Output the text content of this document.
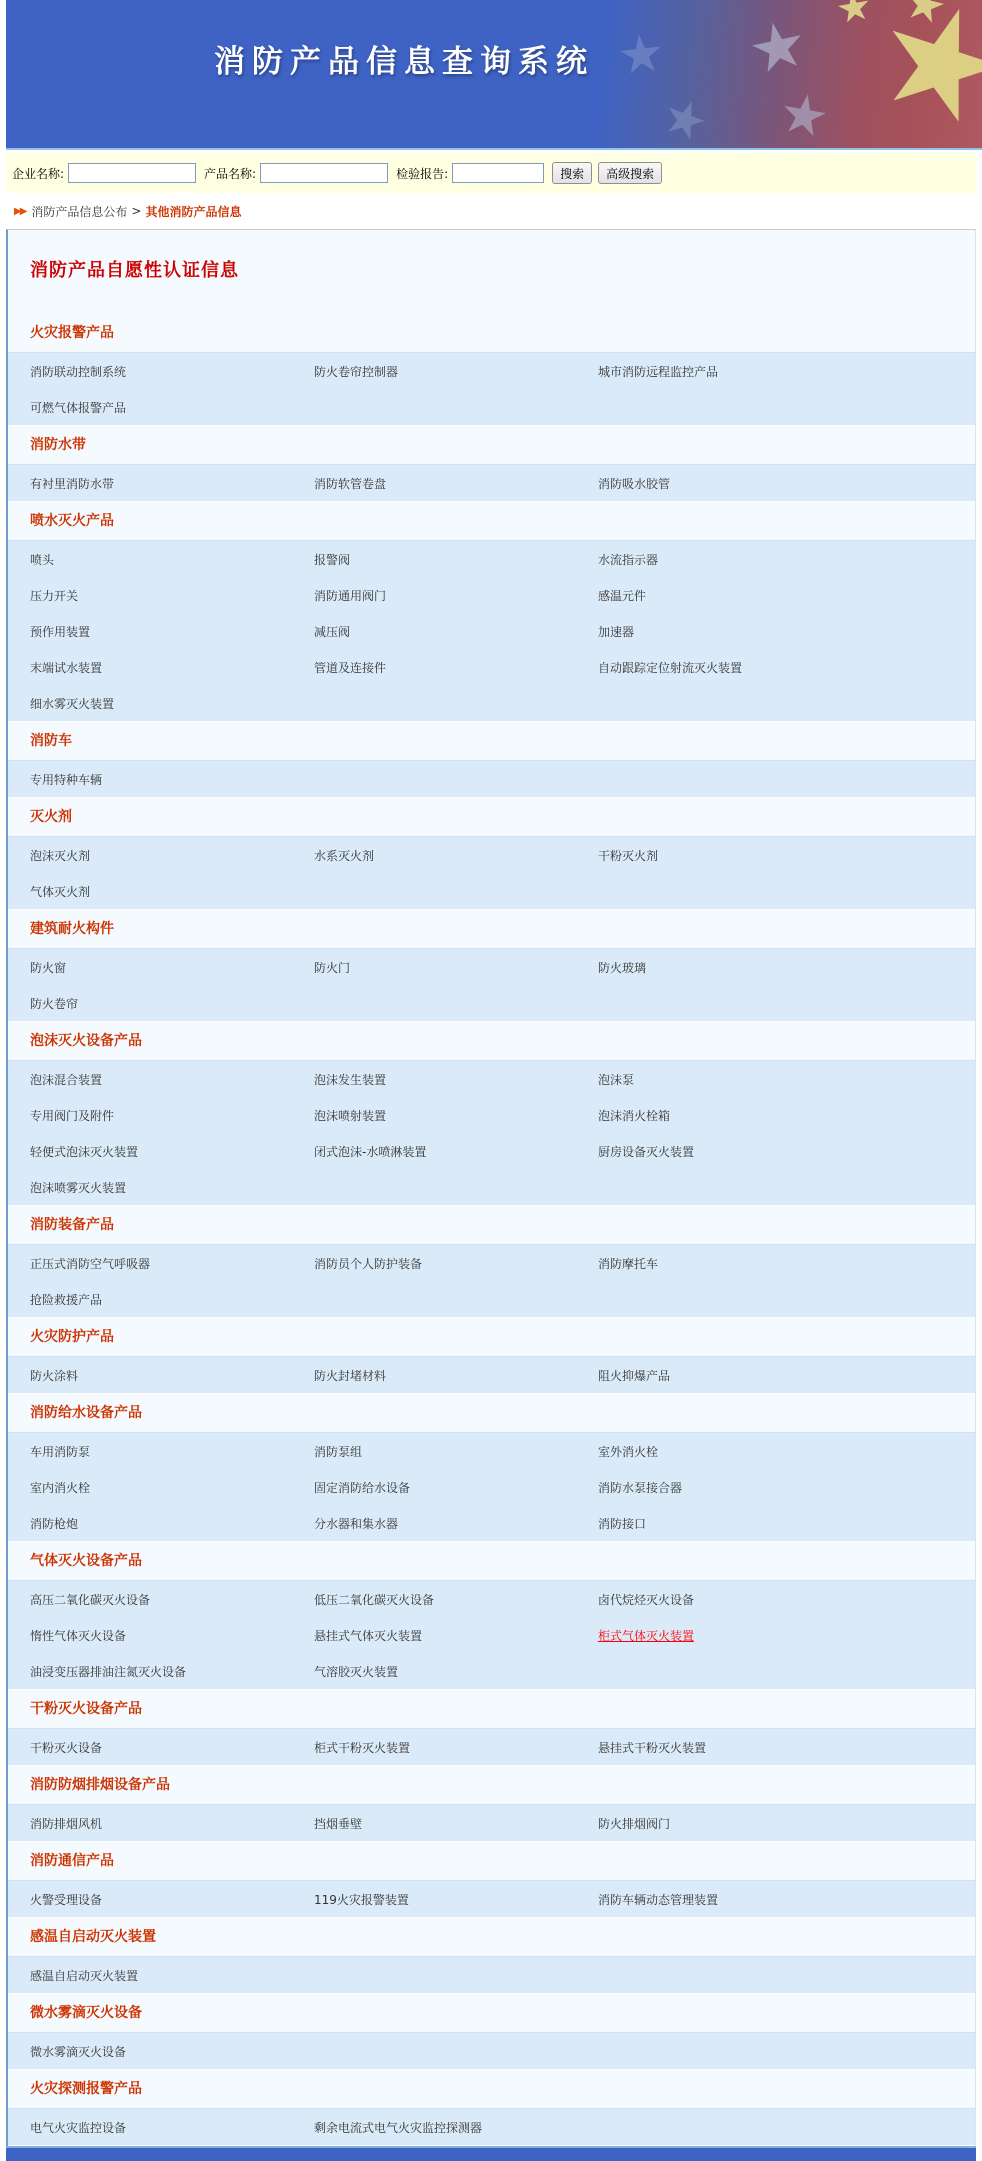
消防产品信息查询系统
企业名称:	产品名称:	检验报告:	搜索	高级搜索
▶▶ 消防产品信息公布 > 其他消防产品信息
消防产品自愿性认证信息
火灾报警产品
消防联动控制系统	防火卷帘控制器	城市消防远程监控产品
可燃气体报警产品
消防水带
有衬里消防水带	消防软管卷盘	消防吸水胶管
喷水灭火产品
喷头	报警阀	水流指示器
压力开关	消防通用阀门	感温元件
预作用装置	减压阀	加速器
末端试水装置	管道及连接件	自动跟踪定位射流灭火装置
细水雾灭火装置
消防车
专用特种车辆
灭火剂
泡沫灭火剂	水系灭火剂	干粉灭火剂
气体灭火剂
建筑耐火构件
防火窗	防火门	防火玻璃
防火卷帘
泡沫灭火设备产品
泡沫混合装置	泡沫发生装置	泡沫泵
专用阀门及附件	泡沫喷射装置	泡沫消火栓箱
轻便式泡沫灭火装置	闭式泡沫-水喷淋装置	厨房设备灭火装置
泡沫喷雾灭火装置
消防装备产品
正压式消防空气呼吸器	消防员个人防护装备	消防摩托车
抢险救援产品
火灾防护产品
防火涂料	防火封堵材料	阻火抑爆产品
消防给水设备产品
车用消防泵	消防泵组	室外消火栓
室内消火栓	固定消防给水设备	消防水泵接合器
消防枪炮	分水器和集水器	消防接口
气体灭火设备产品
高压二氧化碳灭火设备	低压二氧化碳灭火设备	卤代烷烃灭火设备
惰性气体灭火设备	悬挂式气体灭火装置	柜式气体灭火装置
油浸变压器排油注氮灭火设备	气溶胶灭火装置
干粉灭火设备产品
干粉灭火设备	柜式干粉灭火装置	悬挂式干粉灭火装置
消防防烟排烟设备产品
消防排烟风机	挡烟垂壁	防火排烟阀门
消防通信产品
火警受理设备	119火灾报警装置	消防车辆动态管理装置
感温自启动灭火装置
感温自启动灭火装置
微水雾滴灭火设备
微水雾滴灭火设备
火灾探测报警产品
电气火灾监控设备	剩余电流式电气火灾监控探测器
